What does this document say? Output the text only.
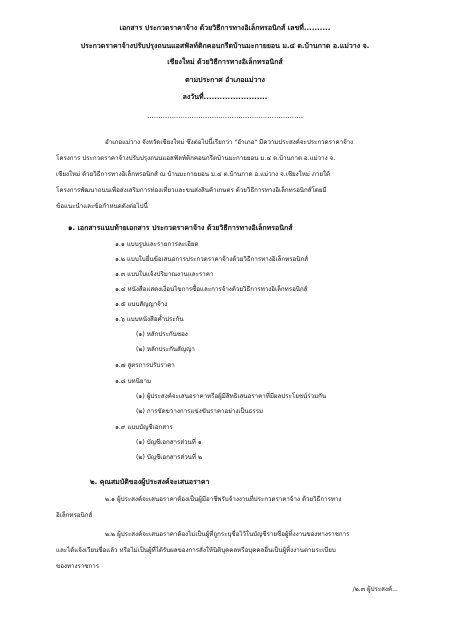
เอกสาร ประกวดราคาจ้าง ด้วยวิธีการทางอิเล็กทรอนิกส์ เลขที่..........
ประกวดราคาจ้างปรับปรุงถนนแอสฟัลท์ติกคอนกรีตบ้านมะกายยอน ม.๔ ต.บ้านกาด อ.แม่วาง จ.
เชียงใหม่ ด้วยวิธีการทางอิเล็กทรอนิกส์
ตามประกาศ อำเภอแม่วาง
ลงวันที่........................
......................................................................
อำเภอแม่วาง จังหวัดเชียงใหม่ ซึ่งต่อไปนี้เรียกว่า "อำเภอ" มีความประสงค์จะประกวดราคาจ้าง
โครงการ ประกวดราคาจ้างปรับปรุงถนนแอสฟัลท์ติกคอนกรีตบ้านมะกายยอน ม.๔ ต.บ้านกาด อ.แม่วาง จ.
เชียงใหม่ ด้วยวิธีการทางอิเล็กทรอนิกส์ ณ บ้านมะกายยอน ม.๔ ต.บ้านกาด อ.แม่วาง จ.เชียงใหม่ ภายใต้
โครงการพัฒนาถนนเพื่อส่งเสริมการท่องเที่ยวและขนส่งสินค้าเกษตร ด้วยวิธีการทางอิเล็กทรอนิกส์โดยมี
ข้อแนะนำและข้อกำหนดดังต่อไปนี้
๑. เอกสารแนบท้ายเอกสาร ประกวดราคาจ้าง ด้วยวิธีการทางอิเล็กทรอนิกส์
๑.๑ แบบรูปและรายการละเอียด
๑.๒ แบบใบยื่นข้อเสนอการประกวดราคาจ้างด้วยวิธีการทางอิเล็กทรอนิกส์
๑.๓ แบบใบแจ้งปริมาณงานและราคา
๑.๔ หนังสือแสดงเงื่อนไขการซื้อและการจ้างด้วยวิธีการทางอิเล็กทรอนิกส์
๑.๕ แบบสัญญาจ้าง
๑.๖ แบบหนังสือค้ำประกัน
(๑) หลักประกันซอง
(๒) หลักประกันสัญญา
๑.๗ สูตรการปรับราคา
๑.๘ บทนิยาม
(๑) ผู้ประสงค์จะเสนอราคาหรือผู้มีสิทธิเสนอราคาที่มีผลประโยชน์ร่วมกัน
(๒) การขัดขวางการแข่งขันราคาอย่างเป็นธรรม
๑.๙ แบบบัญชีเอกสาร
(๑) บัญชีเอกสารส่วนที่ ๑
(๒) บัญชีเอกสารส่วนที่ ๒
๒. คุณสมบัติของผู้ประสงค์จะเสนอราคา
๒.๑ ผู้ประสงค์จะเสนอราคาต้องเป็นผู้มีอาชีพรับจ้างงานที่ประกวดราคาจ้าง ด้วยวิธีการทาง
อิเล็กทรอนิกส์
๒.๒ ผู้ประสงค์จะเสนอราคาต้องไม่เป็นผู้ที่ถูกระบุชื่อไว้ในบัญชีรายชื่อผู้ทิ้งงานของทางราชการ
และได้แจ้งเวียนชื่อแล้ว หรือไม่เป็นผู้ที่ได้รับผลของการสั่งให้นิติบุคคลหรือบุคคลอื่นเป็นผู้ทิ้งงานตามระเบียบ
ของทางราชการ
/๒.๓ ผู้ประสงค์...
